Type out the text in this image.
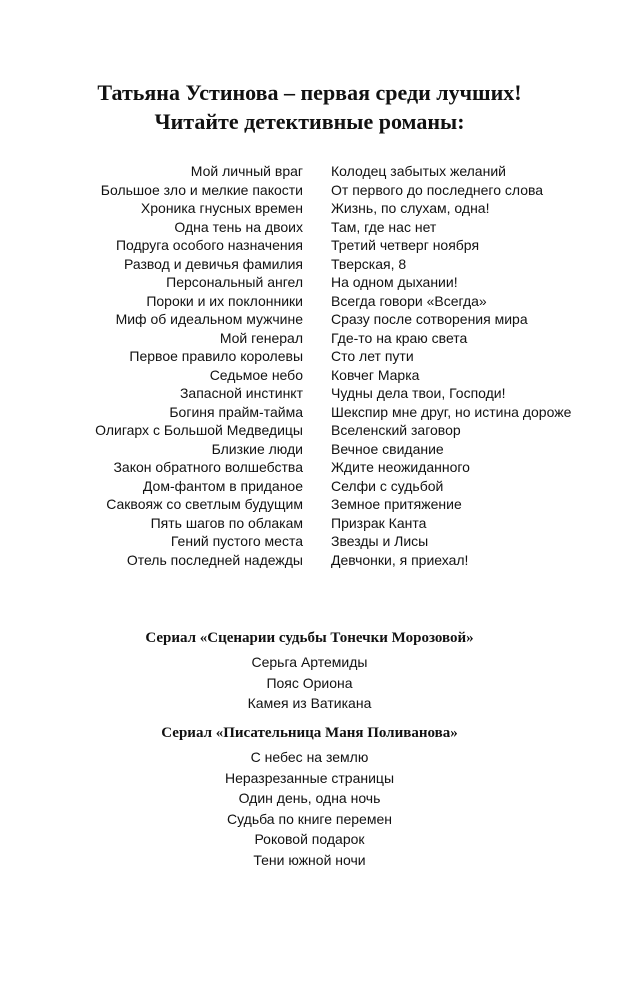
Татьяна Устинова – первая среди лучших!
Читайте детективные романы:
Мой личный враг
Большое зло и мелкие пакости
Хроника гнусных времен
Одна тень на двоих
Подруга особого назначения
Развод и девичья фамилия
Персональный ангел
Пороки и их поклонники
Миф об идеальном мужчине
Мой генерал
Первое правило королевы
Седьмое небо
Запасной инстинкт
Богиня прайм-тайма
Олигарх с Большой Медведицы
Близкие люди
Закон обратного волшебства
Дом-фантом в приданое
Саквояж со светлым будущим
Пять шагов по облакам
Гений пустого места
Отель последней надежды
Колодец забытых желаний
От первого до последнего слова
Жизнь, по слухам, одна!
Там, где нас нет
Третий четверг ноября
Тверская, 8
На одном дыхании!
Всегда говори «Всегда»
Сразу после сотворения мира
Где-то на краю света
Сто лет пути
Ковчег Марка
Чудны дела твои, Господи!
Шекспир мне друг, но истина дороже
Вселенский заговор
Вечное свидание
Ждите неожиданного
Селфи с судьбой
Земное притяжение
Призрак Канта
Звезды и Лисы
Девчонки, я приехал!
Сериал «Сценарии судьбы Тонечки Морозовой»
Серьга Артемиды
Пояс Ориона
Камея из Ватикана
Сериал «Писательница Маня Поливанова»
С небес на землю
Неразрезанные страницы
Один день, одна ночь
Судьба по книге перемен
Роковой подарок
Тени южной ночи
